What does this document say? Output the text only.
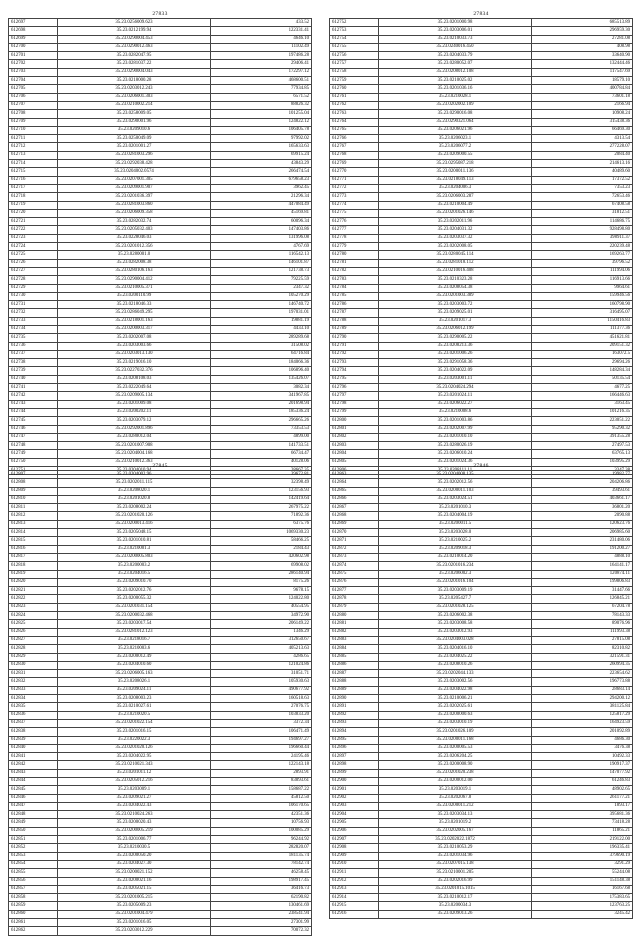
27833
612697	35.23.0256009.623	433.52
612698	35.23.0212199.94	122331.41
612699	35.23.0290004.453	4646.10
612700	35.23.0290012.463	11102.49
612701	35.23.0282047.95	197486.28
612702	35.23.0281037.22	29406.41
612703	35.23.0290004.043	172297.12
612704	35.23.0218000.28	468600.51
612705	35.23.0203012.243	77934.85
612706	35.23.0206001.303	6571.52
612707	35.23.0210002.214	88826.32
612708	35.23.0258009.05	101255.04
612709	35.23.0290001.96	124822.12
612710	35.23.0209010.6	106405.78
612711	35.23.0250049.09	97992.02
612712	35.23.0201001.27	165633.63
612713	35.23.0281003.296	69915.24
612714	35.23.0292038.428	43843.29
612715	35.23.0204002.0574	266474.54
612716	35.23.0207001.305	679658.23
612717	35.23.0209001.907	3962.45
612718	35.23.0201036.397	21296.34
612719	35.23.0281003.860	447084.49
612720	35.23.0206009.358	45169.81
612721	35.23.0282032.74	60096.34
612722	35.23.0205032.403	147403.86
612723	35.23.0228046.03	131996.08
612724	35.23.0201012.356	4767.69
612725	35.23.0280001.0	116542.13
612726	35.23.0282008.38	146101.87
612727	35.23.0280106.163	121738.73
612728	35.23.0290004.412	79225.59
612729	35.23.0210005.371	2347.32
612730	35.23.0200110.99	105270.29
612731	35.23.0218046.33	146740.72
612732	35.23.0286049.295	197031.01
612733	35.23.0218001.163	19881.19
612734	35.23.0200003.317	4433.10
612735	35.23.0202007.08	289289.68
612736	35.23.0203003.66	31508.02
612737	35.23.0203013.130	64716.84
612738	35.23.0219016.10	184066.36
612739	35.23.0227032.376	106896.40
612740	35.23.0208108.03	135426.07
612741	35.23.0222049.64	3082.34
612742	35.23.0209005.134	341967.85
612743	35.23.0201009.08	201698.94
612744	35.23.0200202.11	185336.24
612745	35.23.0203079.12	296665.26
612746	35.23.0292001.896	73353.53
612747	35.23.0280012.04	4899.00
612748	35.23.0201007.908	141733.51
612749	35.23.0204004.168	66734.47
612750	35.23.0210012.363	40128.06
612751	35.23.0204010.94	38667.35
27834
612752	35.23.0201000.98	685513.89
612753	35.23.0203006.01	296959.30
612754	35.23.0210033.73	27281.08
612755	35.23.0240016.450	408.98
612756	35.23.0204033.79	33640.90
612757	35.23.0280052.07	132444.46
612758	35.23.0208012.108	117547.69
612759	35.23.0210025.02	18579.10
612760	35.23.0201036.16	400784.84
612761	35.23.0210028.1	73601.18
612762	35.23.0202002.109	2166.94
612763	35.23.0290016.08	10908.24
612764	35.23.0290321.064	315438.36
612765	35.23.0206021.96	66469.30
612766	35.23.0206023.1	4313.54
612767	35.23.0206077.2	277228.07
612768	35.23.0209000.55	2084.40
612769	35.23.0295087.218	214613.16
612770	35.23.0200011.136	40489.60
612771	35.23.0218049.113	17372.52
612772	35.23.0204006.3	7353.23
612773	35.23.0206003.287	72653.46
612774	35.23.0210004.49	67408.58
612775	35.23.0201026.146	31812.51
612776	35.23.0202011.96	114686.75
612777	35.23.0204031.32	928498.80
612778	35.23.0203037.32	398911.37
612779	35.23.0202008.05	220239.48
612780	35.23.0280045.114	169263.77
612781	35.23.0281018.112	39796.52
612782	35.23.0210016.408	111994.06
612783	35.23.0210323.28	116913.66
612784	35.23.0208054.38	9964.61
612785	35.23.0201003.389	159946.56
612786	35.23.0203003.72	160798.90
612787	35.23.0209025.01	316495.07
612788	35.23.0201017.3	1150416.83
612789	35.23.0206012.199	111377.36
612790	35.23.0290005.22	451621.81
612791	35.23.0208213.36	209151.32
612792	35.23.0201006.26	163072.5
612793	35.23.0291058.36	29694.26
612794	35.23.0204022.09	148284.34
612795	35.23.0203001.11	50135.54
612796	35.23.0204024.294	4677.25
612797	35.23.0201024.11	166446.63
612798	35.23.0206022.27	3163.45
612799	35.23.0210008.6	101216.35
612800	35.23.0201003.86	223051.22
612801	35.23.0202007.99	95290.32
612802	35.23.0201010.10	391355.28
612803	35.23.0280026.19	27497.53
612804	35.23.0206010.24	63765.13
612805	35.23.0201024.36	103995.29
612806	35.23.0208111.11	3347.38
27845
612807	35.23.0204002.96	39672.81
612808	35.23.0202011.115	32398.49
612809	35.23.0208020.1	123156.93
612810	35.23.0201020.8	142419.64
612811	35.23.0208002.24	267975.22
612812	35.23.0201020.126	71892.36
612813	35.23.0200013.416	6375.76
612814	35.23.0205048.15	1069330.23
612815	35.23.0201010.81	58466.25
612816	35.23.0210001.3	2184.43
612817	35.23.0200005.803	420602.98
612818	35.23.0200003.2	69908.02
612819	35.23.0204016.5	286140.94
612820	35.23.0209010.70	8175.26
612821	35.23.0202012.76	9678.15
612822	35.23.0200055.32	124022.80
612823	35.23.0201031.154	40554.95
612824	35.23.0200032.468	34972.90
612825	35.23.0203017.54	206149.22
612826	35.23.0281012.123	1346.29
612827	35.23.0218016.7	312650.67
612828	35.23.0210003.6	405213.63
612829	35.23.0200012.49	4286.65
612830	35.23.0204010.60	121024.86
612831	35.23.0206005.163	31051.71
612832	35.23.0208026.1	105930.63
612833	35.23.0209024.11	490677.92
612834	35.23.0208003.23	160518.63
612835	35.23.0210027.61	27076.75
612836	35.23.0210020.5	103833.20
612837	35.23.0201022.154	3372.34
612838	35.23.0201016.15	106471.49
612839	35.23.0220022.3	194697.27
612840	35.23.0201020.126	196660.44
612841	35.23.0204022.95	24195.46
612842	35.23.0210021.343	122143.18
612843	35.23.0201011.12	2893.91
612844	35.23.0205012.216	83893.61
612845	35.23.0203009.1	158687.22
612846	35.23.0209021.27	45812.50
612847	35.23.0204022.43	106170.65
612848	35.23.0210024.263	42351.36
612849	35.23.0200020.43	10756.93
612850	35.23.0200005.219	100085.29
612851	35.23.0201006.77	96244.92
612852	35.23.0210030.5	282820.07
612853	35.23.0200050.20	181135.74
612854	35.23.0204027.30	78142.74
612855	35.23.0200021.152	46258.45
612856	35.23.0200021.16	198917.45
612857	35.23.0205021.15	36416.73
612858	35.23.0201005.215	62190.82
612859	35.23.0205009.23	130461.69
612860	35.23.0201004.479	238541.94
612861	35.23.0201016.05	27301.99
612862	35.23.0203012.229	70072.32
27846
612863	35.23.0204008.135	19982.77
612864	35.23.0202012.56	204206.86
612865	35.23.0200011.103	39493.61
612866	35.23.0203024.51	403661.17
612867	35.23.0201010.3	36801.20
612868	35.23.0204004.19	2090.88
612869	35.23.0200011.5	120623.76
612870	35.23.0203028.0	206985.60
612871	35.23.0210025.2	231480.06
612872	35.23.0209018.3	191200.27
612873	35.23.0210014.20	4888.10
612874	35.23.0201016.234	164141.17
612875	35.23.0206002.3	120874.11
612876	35.23.0201016.104	199806.83
612877	35.23.0203009.19	31447.66
612878	35.23.0205427.7	126845.21
612879	35.23.0201028.125	67204.78
612880	35.23.0206002.38	78143.33
612881	35.23.0203008.58	89076.96
612882	35.23.0203012.93	111993.38
612883	35.23.0204003.028	27815.08
612884	35.23.0204016.10	82310.82
612885	35.23.0204025.22	321591.31
612886	35.23.0208010.26	260994.35
612887	35.23.0202044.133	223654.62
612888	35.23.0203002.56	196773.88
612889	35.23.0204022.98	28683.14
612890	35.23.0210006.21	294200.12
612891	35.23.0202025.61	381125.84
612892	35.23.0200000.63	125817.29
612893	35.23.0203010.19	164923.59
612894	35.23.0201026.109	201092.89
612895	35.23.0200011.168	4686.30
612896	35.23.0200005.53	3476.38
612897	35.23.0206204.25	10492.33
612898	35.23.0200008.90	190917.37
612899	35.23.0201020.238	147077.92
612900	35.23.0200012.00	61246.83
612901	35.23.0203019.1	48902.65
612902	35.23.0202067.8	261177.21
612903	35.23.0200011.212	1893.17
612904	35.23.0203034.13	395681.36
612905	35.23.0201019.2	73418.28
612906	35.23.0202005.167	11865.21
612907	35.23.0202022.1872	219122.00
612908	35.23.0210053.29	196335.41
612909	35.23.0201034.96	379690.19
612910	35.23.0207015.138	3291.29
612911	35.23.0210001.205	55244.08
612912	35.23.0202016.99	151148.38
612913	35.23.0201015.1015	16167.68
612914	35.23.0210012.17	175383.65
612915	35.23.0200034.3	123763.25
612916	35.23.0209013.26	3245.42
